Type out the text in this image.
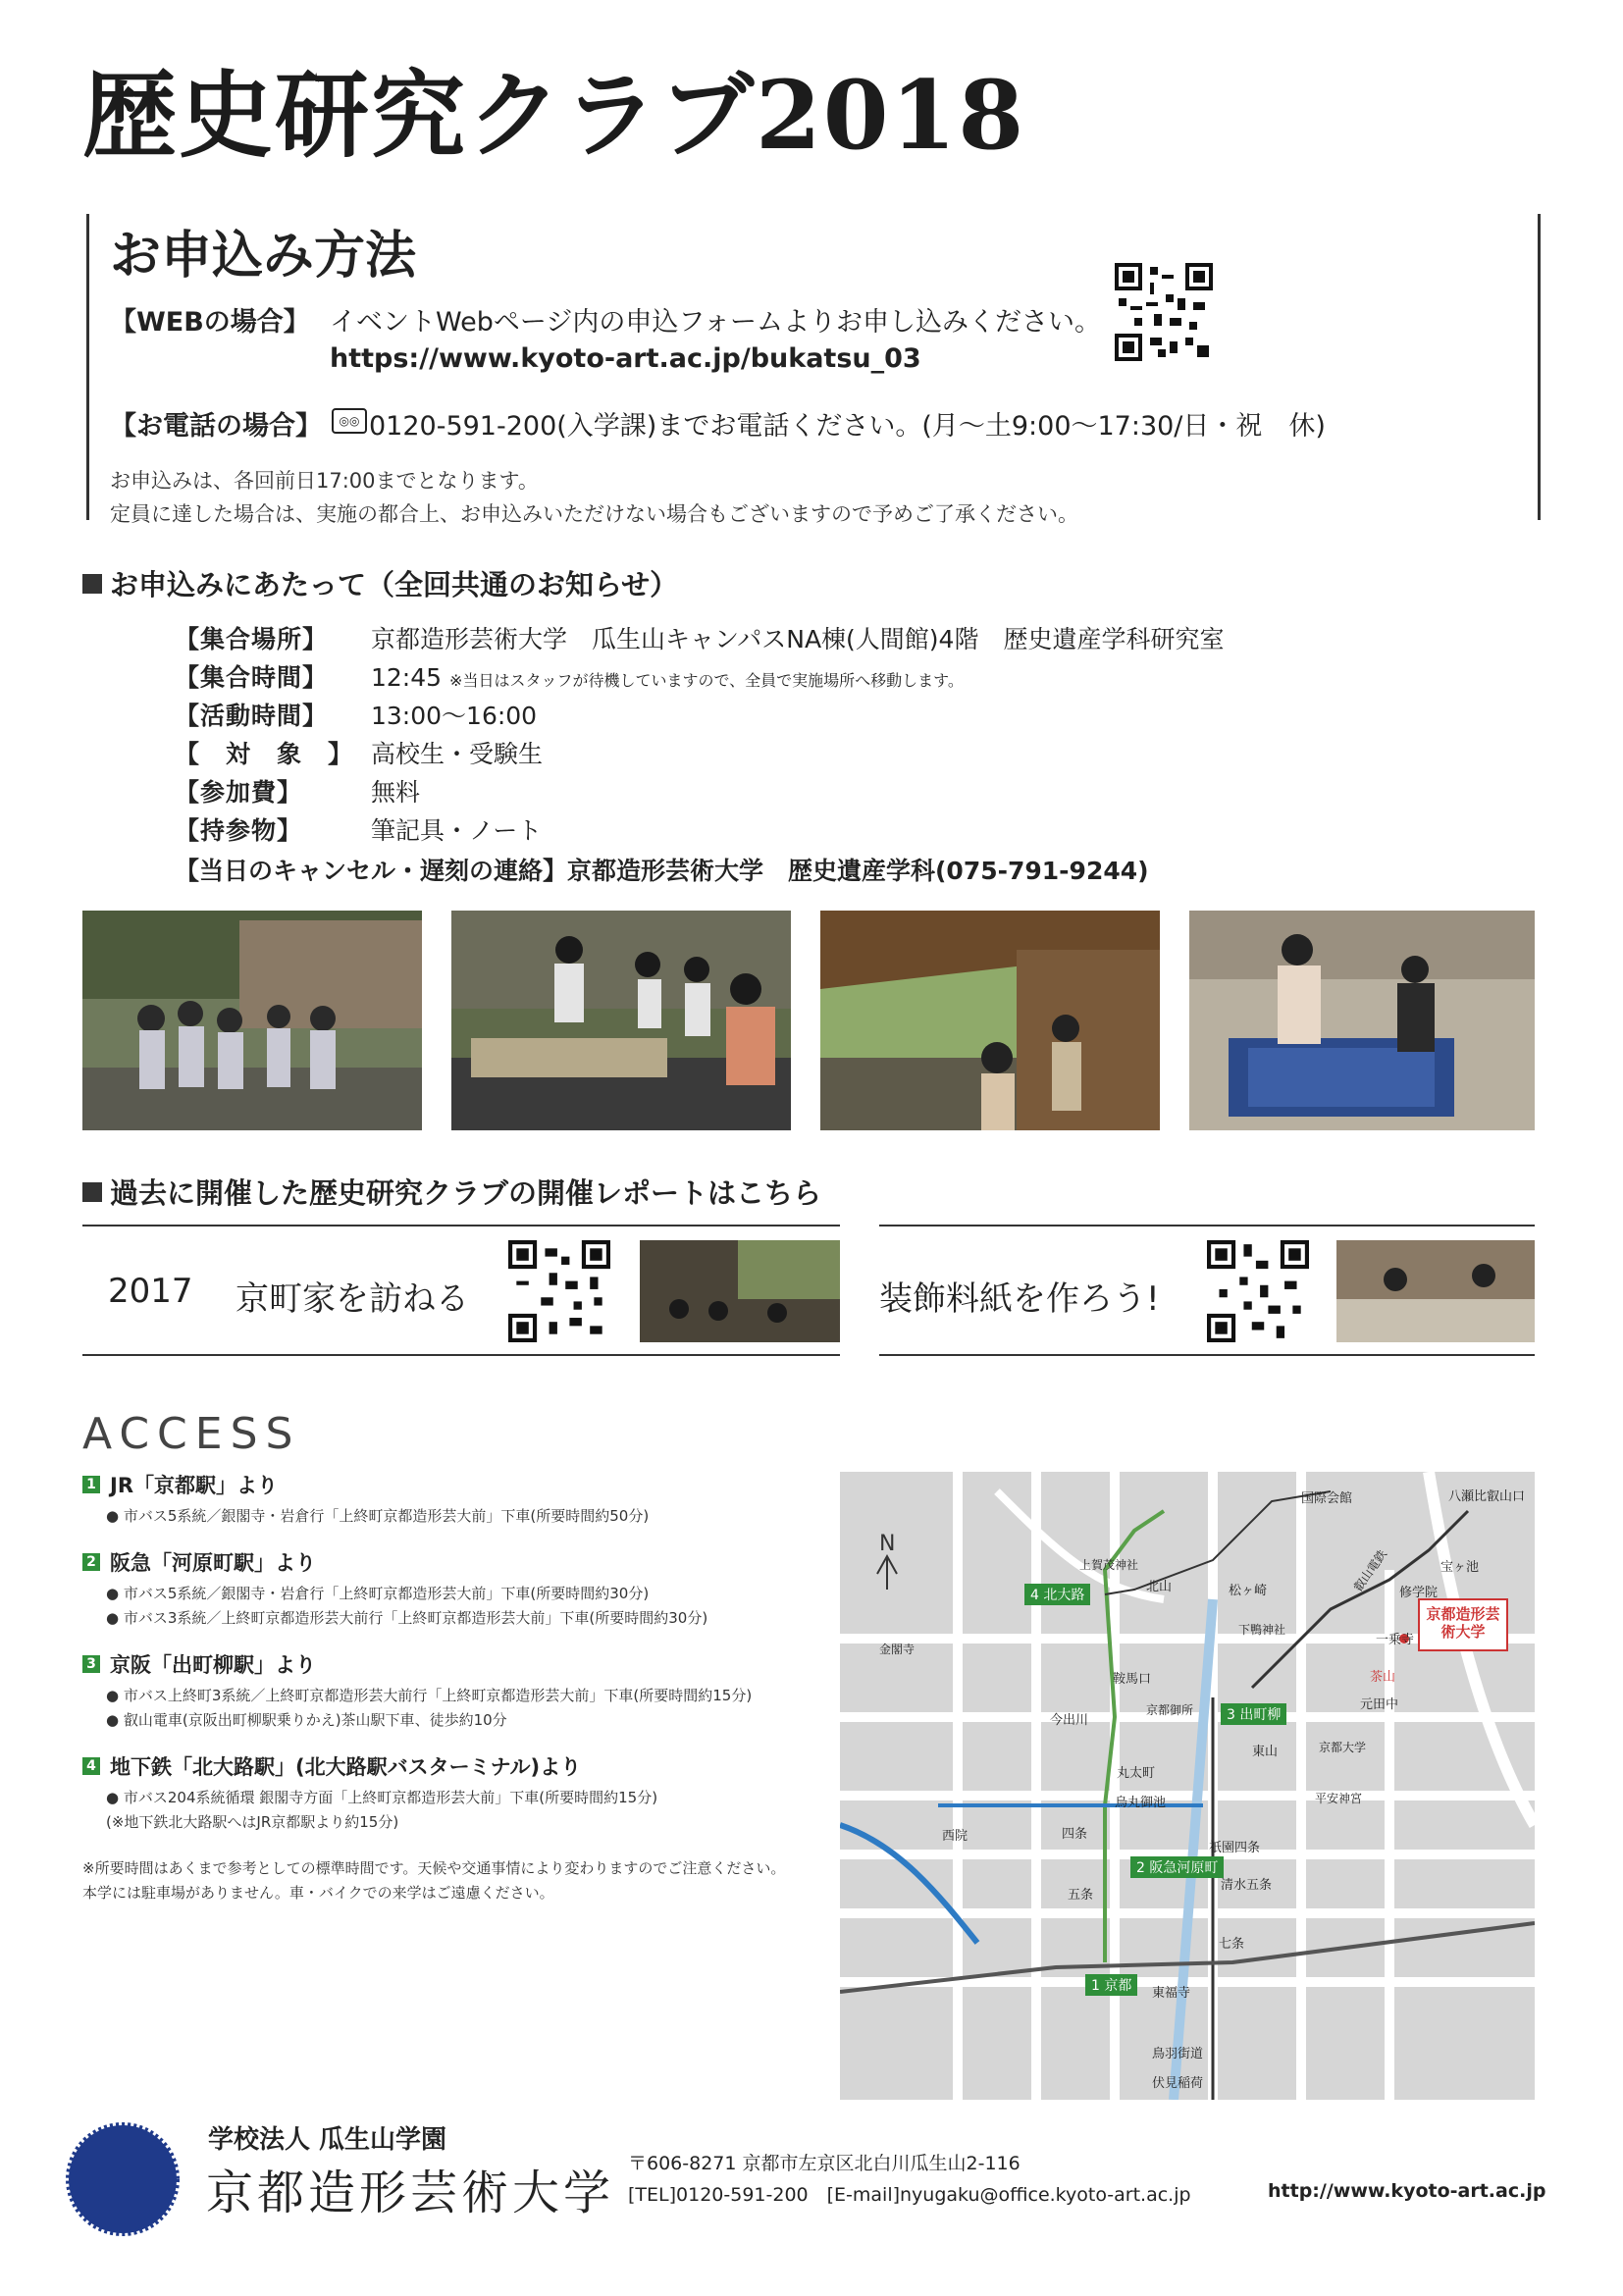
歴史研究クラブ2018
お申込み方法
【WEBの場合】 イベントWebページ内の申込フォームよりお申し込みください。
https://www.kyoto-art.ac.jp/bukatsu_03
【お電話の場合】	◎◎ 0120-591-200(入学課)までお電話ください。(月〜土9:00〜17:30/日・祝　休)
お申込みは、各回前日17:00までとなります。
定員に達した場合は、実施の都合上、お申込みいただけない場合もございますので予めご了承ください。
お申込みにあたって（全回共通のお知らせ）
【集合場所】	京都造形芸術大学　瓜生山キャンパスNA棟(人間館)4階　歴史遺産学科研究室
【集合時間】	12:45 ※当日はスタッフが待機していますので、全員で実施場所へ移動します。
【活動時間】	13:00〜16:00
【　対　象　】 高校生・受験生
【参加費】	無料
【持参物】	筆記具・ノート
【当日のキャンセル・遅刻の連絡】京都造形芸術大学　歴史遺産学科(075-791-9244)
過去に開催した歴史研究クラブの開催レポートはこちら
2017 京町家を訪ねる	装飾料紙を作ろう!
ACCESS
1 JR「京都駅」より
● 市バス5系統／銀閣寺・岩倉行「上終町京都造形芸大前」下車(所要時間約50分)
2 阪急「河原町駅」より
● 市バス5系統／銀閣寺・岩倉行「上終町京都造形芸大前」下車(所要時間約30分)
● 市バス3系統／上終町京都造形芸大前行「上終町京都造形芸大前」下車(所要時間約30分)
3 京阪「出町柳駅」より
● 市バス上終町3系統／上終町京都造形芸大前行「上終町京都造形芸大前」下車(所要時間約15分)
● 叡山電車(京阪出町柳駅乗りかえ)茶山駅下車、徒歩約10分
4 地下鉄「北大路駅」(北大路駅バスターミナル)より
● 市バス204系統循環 銀閣寺方面「上終町京都造形芸大前」下車(所要時間約15分)
(※地下鉄北大路駅へはJR京都駅より約15分)
※所要時間はあくまで参考としての標準時間です。天候や交通事情により変わりますのでご注意ください。
本学には駐車場がありません。車・バイクでの来学はご遠慮ください。
N
京都造形芸術大学
4 北大路
3 出町柳
2 阪急河原町
1 京都
国際会館	八瀬比叡山口
宝ヶ池
修学院
一乗寺
茶山
元田中
北山	松ヶ崎
鞍馬口
今出川
丸太町
烏丸御池
四条
五条
西院
東山
祇園四条
清水五条
七条
東福寺
鳥羽街道
伏見稲荷
叡山電鉄
京都大学
上賀茂神社
下鴨神社
金閣寺
平安神宮
京都御所
学校法人 瓜生山学園
京都造形芸術大学
〒606-8271 京都市左京区北白川瓜生山2-116
[TEL]0120-591-200　[E-mail]nyugaku@office.kyoto-art.ac.jp	http://www.kyoto-art.ac.jp
